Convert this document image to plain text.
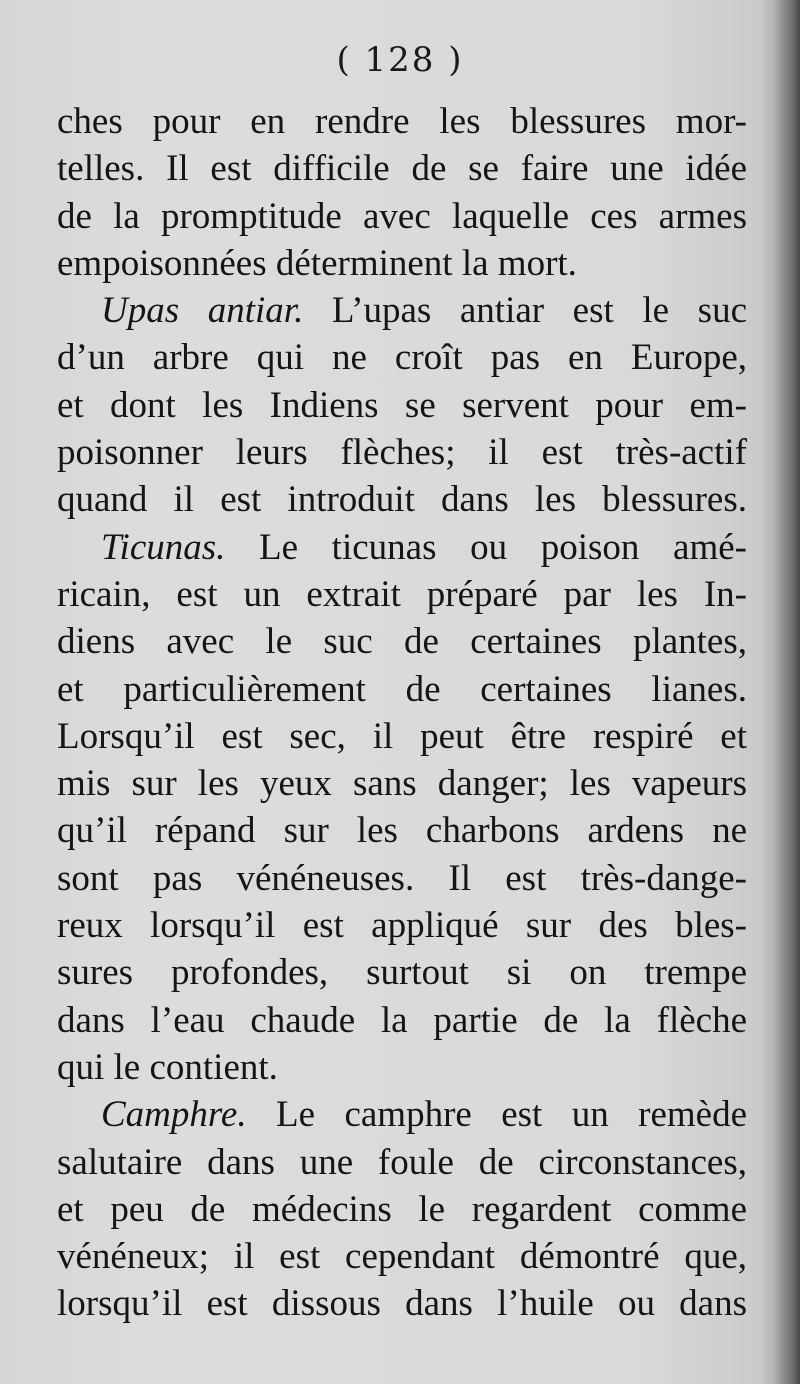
( 128 )
ches pour en rendre les blessures mor-
telles. Il est difficile de se faire une idée
de la promptitude avec laquelle ces armes
empoisonnées déterminent la mort.
Upas antiar. L’upas antiar est le suc
d’un arbre qui ne croît pas en Europe,
et dont les Indiens se servent pour em-
poisonner leurs flèches; il est très-actif
quand il est introduit dans les blessures.
Ticunas. Le ticunas ou poison amé-
ricain, est un extrait préparé par les In-
diens avec le suc de certaines plantes,
et particulièrement de certaines lianes.
Lorsqu’il est sec, il peut être respiré et
mis sur les yeux sans danger; les vapeurs
qu’il répand sur les charbons ardens ne
sont pas vénéneuses. Il est très-dange-
reux lorsqu’il est appliqué sur des bles-
sures profondes, surtout si on trempe
dans l’eau chaude la partie de la flèche
qui le contient.
Camphre. Le camphre est un remède
salutaire dans une foule de circonstances,
et peu de médecins le regardent comme
vénéneux; il est cependant démontré que,
lorsqu’il est dissous dans l’huile ou dans
